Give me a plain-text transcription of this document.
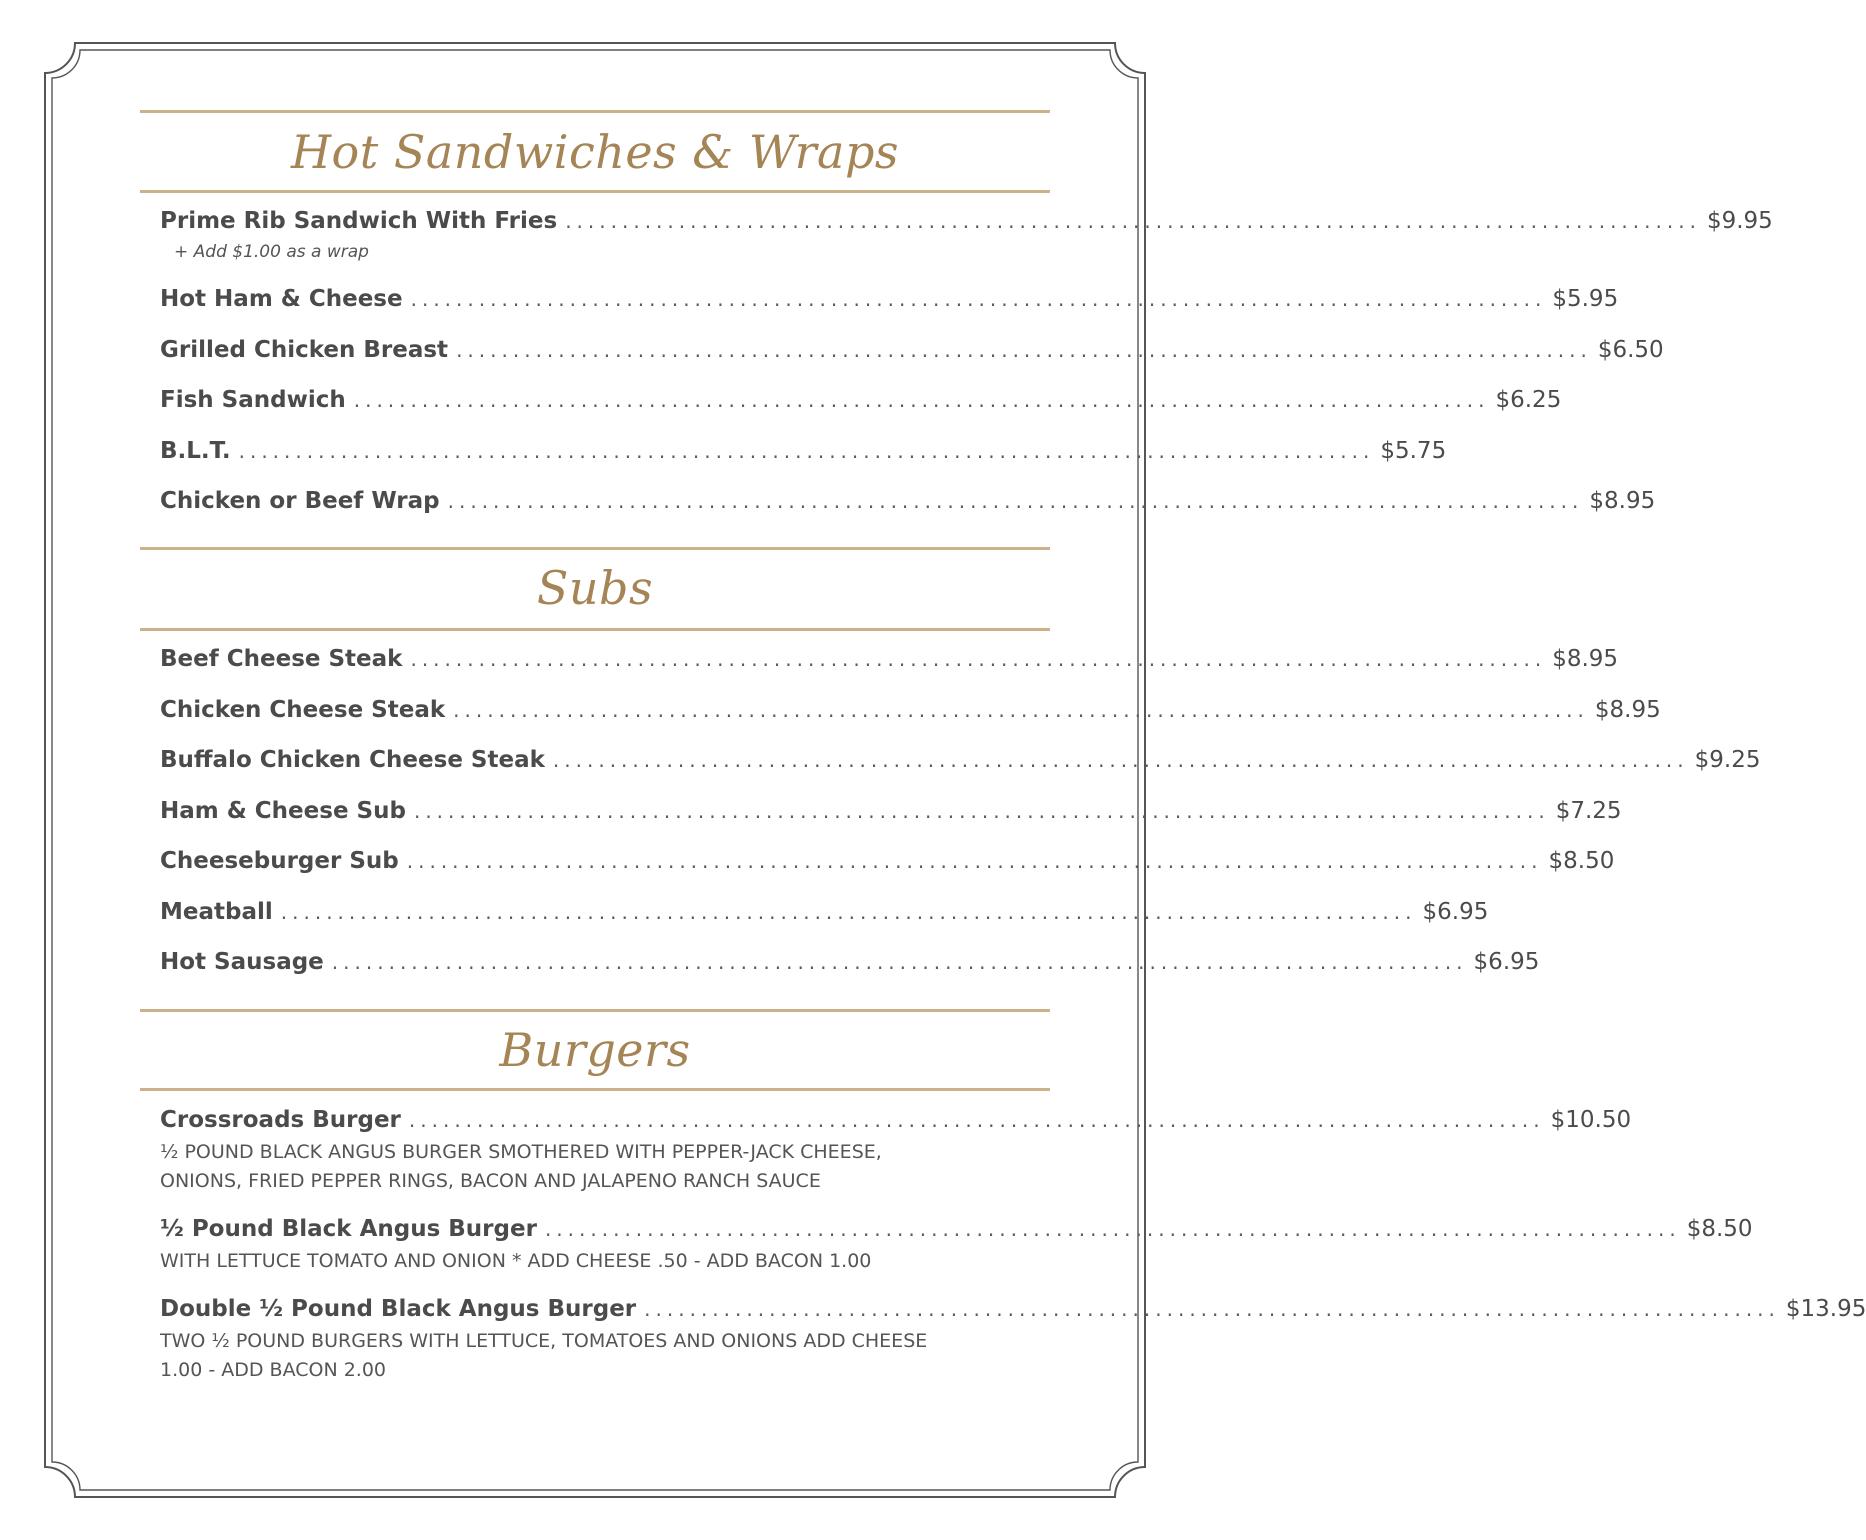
Hot Sandwiches & Wraps
Prime Rib Sandwich With Fries .................................................................................................... $9.95
+ Add $1.00 as a wrap
Hot Ham & Cheese .................................................................................................... $5.95
Grilled Chicken Breast .................................................................................................... $6.50
Fish Sandwich .................................................................................................... $6.25
B.L.T. .................................................................................................... $5.75
Chicken or Beef Wrap .................................................................................................... $8.95
Subs
Beef Cheese Steak .................................................................................................... $8.95
Chicken Cheese Steak .................................................................................................... $8.95
Buffalo Chicken Cheese Steak .................................................................................................... $9.25
Ham & Cheese Sub .................................................................................................... $7.25
Cheeseburger Sub .................................................................................................... $8.50
Meatball .................................................................................................... $6.95
Hot Sausage .................................................................................................... $6.95
Burgers
Crossroads Burger .................................................................................................... $10.50
½ POUND BLACK ANGUS BURGER SMOTHERED WITH PEPPER-JACK CHEESE,
ONIONS, FRIED PEPPER RINGS, BACON AND JALAPENO RANCH SAUCE
½ Pound Black Angus Burger .................................................................................................... $8.50
WITH LETTUCE TOMATO AND ONION * ADD CHEESE .50 - ADD BACON 1.00
Double ½ Pound Black Angus Burger .................................................................................................... $13.95
TWO ½ POUND BURGERS WITH LETTUCE, TOMATOES AND ONIONS ADD CHEESE
1.00 - ADD BACON 2.00
